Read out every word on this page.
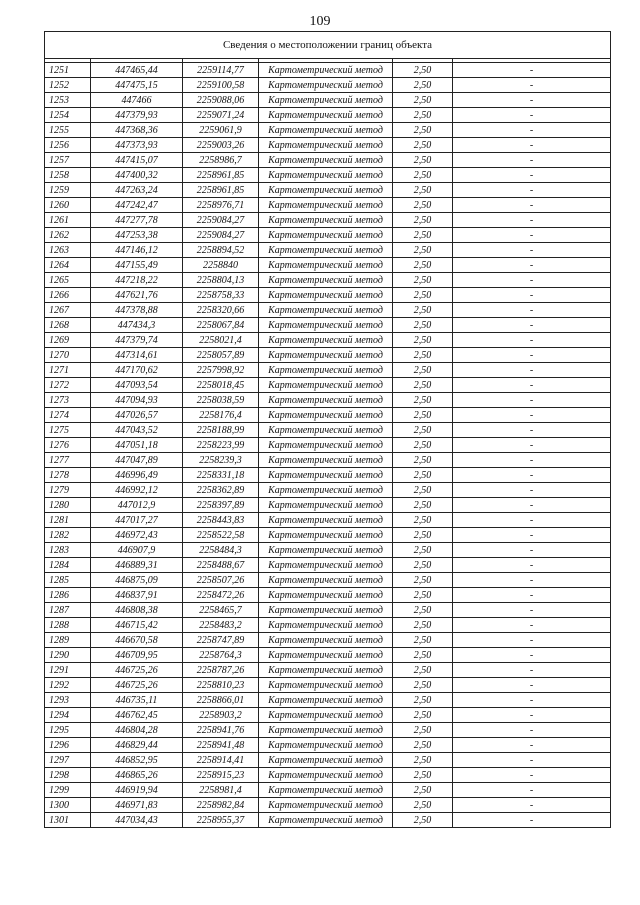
109
Сведения о местоположении границ объекта					

1251	447465,44	2259114,77	Картометрический метод	2,50	-
1252	447475,15	2259100,58	Картометрический метод	2,50	-
1253	447466	2259088,06	Картометрический метод	2,50	-
1254	447379,93	2259071,24	Картометрический метод	2,50	-
1255	447368,36	2259061,9	Картометрический метод	2,50	-
1256	447373,93	2259003,26	Картометрический метод	2,50	-
1257	447415,07	2258986,7	Картометрический метод	2,50	-
1258	447400,32	2258961,85	Картометрический метод	2,50	-
1259	447263,24	2258961,85	Картометрический метод	2,50	-
1260	447242,47	2258976,71	Картометрический метод	2,50	-
1261	447277,78	2259084,27	Картометрический метод	2,50	-
1262	447253,38	2259084,27	Картометрический метод	2,50	-
1263	447146,12	2258894,52	Картометрический метод	2,50	-
1264	447155,49	2258840	Картометрический метод	2,50	-
1265	447218,22	2258804,13	Картометрический метод	2,50	-
1266	447621,76	2258758,33	Картометрический метод	2,50	-
1267	447378,88	2258320,66	Картометрический метод	2,50	-
1268	447434,3	2258067,84	Картометрический метод	2,50	-
1269	447379,74	2258021,4	Картометрический метод	2,50	-
1270	447314,61	2258057,89	Картометрический метод	2,50	-
1271	447170,62	2257998,92	Картометрический метод	2,50	-
1272	447093,54	2258018,45	Картометрический метод	2,50	-
1273	447094,93	2258038,59	Картометрический метод	2,50	-
1274	447026,57	2258176,4	Картометрический метод	2,50	-
1275	447043,52	2258188,99	Картометрический метод	2,50	-
1276	447051,18	2258223,99	Картометрический метод	2,50	-
1277	447047,89	2258239,3	Картометрический метод	2,50	-
1278	446996,49	2258331,18	Картометрический метод	2,50	-
1279	446992,12	2258362,89	Картометрический метод	2,50	-
1280	447012,9	2258397,89	Картометрический метод	2,50	-
1281	447017,27	2258443,83	Картометрический метод	2,50	-
1282	446972,43	2258522,58	Картометрический метод	2,50	-
1283	446907,9	2258484,3	Картометрический метод	2,50	-
1284	446889,31	2258488,67	Картометрический метод	2,50	-
1285	446875,09	2258507,26	Картометрический метод	2,50	-
1286	446837,91	2258472,26	Картометрический метод	2,50	-
1287	446808,38	2258465,7	Картометрический метод	2,50	-
1288	446715,42	2258483,2	Картометрический метод	2,50	-
1289	446670,58	2258747,89	Картометрический метод	2,50	-
1290	446709,95	2258764,3	Картометрический метод	2,50	-
1291	446725,26	2258787,26	Картометрический метод	2,50	-
1292	446725,26	2258810,23	Картометрический метод	2,50	-
1293	446735,11	2258866,01	Картометрический метод	2,50	-
1294	446762,45	2258903,2	Картометрический метод	2,50	-
1295	446804,28	2258941,76	Картометрический метод	2,50	-
1296	446829,44	2258941,48	Картометрический метод	2,50	-
1297	446852,95	2258914,41	Картометрический метод	2,50	-
1298	446865,26	2258915,23	Картометрический метод	2,50	-
1299	446919,94	2258981,4	Картометрический метод	2,50	-
1300	446971,83	2258982,84	Картометрический метод	2,50	-
1301	447034,43	2258955,37	Картометрический метод	2,50	-
